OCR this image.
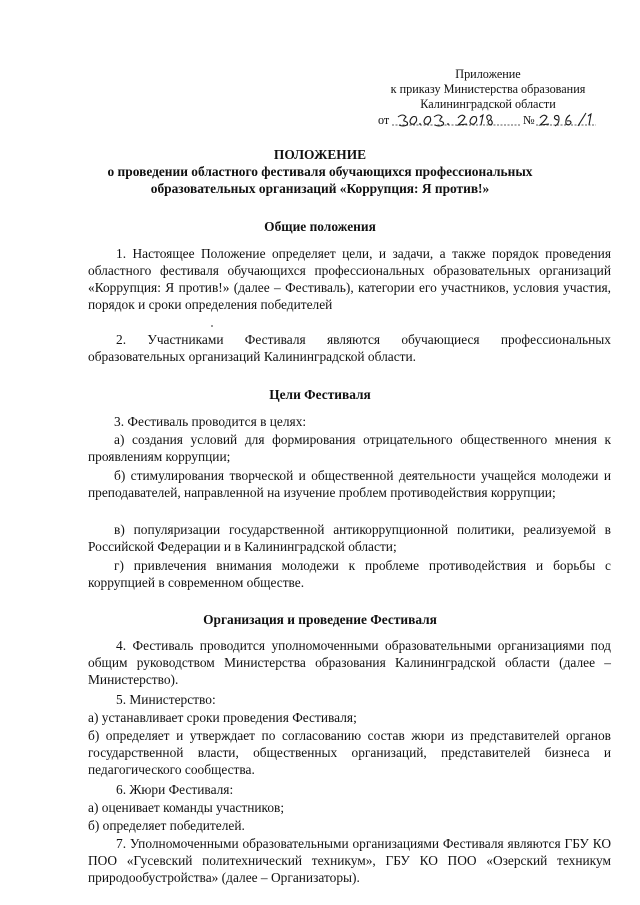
Приложение
к приказу Министерства образования
Калининградской области
от	№
ПОЛОЖЕНИЕ
о проведении областного фестиваля обучающихся профессиональных
образовательных организаций «Коррупция: Я против!»
Общие положения

1. Настоящее Положение определяет цели, и задачи, а также порядок проведения областного фестиваля обучающихся профессиональных образовательных организаций «Коррупция: Я против!» (далее – Фестиваль), категории его участников, условия участия, порядок и сроки определения победителей

2. Участниками Фестиваля являются обучающиеся профессиональных образовательных организаций Калининградской области.

Цели Фестиваля

3. Фестиваль проводится в целях:

а) создания условий для формирования отрицательного общественного мнения к проявлениям коррупции;

б) стимулирования творческой и общественной деятельности учащейся молодежи и преподавателей, направленной на изучение проблем противодействия коррупции;

в) популяризации государственной антикоррупционной политики, реализуемой в Российской Федерации и в Калининградской области;

г) привлечения внимания молодежи к проблеме противодействия и борьбы с коррупцией в современном обществе.

Организация и проведение Фестиваля

4. Фестиваль проводится уполномоченными образовательными организациями под общим руководством Министерства образования Калининградской области (далее – Министерство).

5. Министерство:

а) устанавливает сроки проведения Фестиваля;

б) определяет и утверждает по согласованию состав жюри из представителей органов государственной власти, общественных организаций, представителей бизнеса и педагогического сообщества.

6. Жюри Фестиваля:

а) оценивает команды участников;

б) определяет победителей.

7. Уполномоченными образовательными организациями Фестиваля являются ГБУ КО ПОО «Гусевский политехнический техникум», ГБУ КО ПОО «Озерский техникум природообустройства» (далее – Организаторы).
